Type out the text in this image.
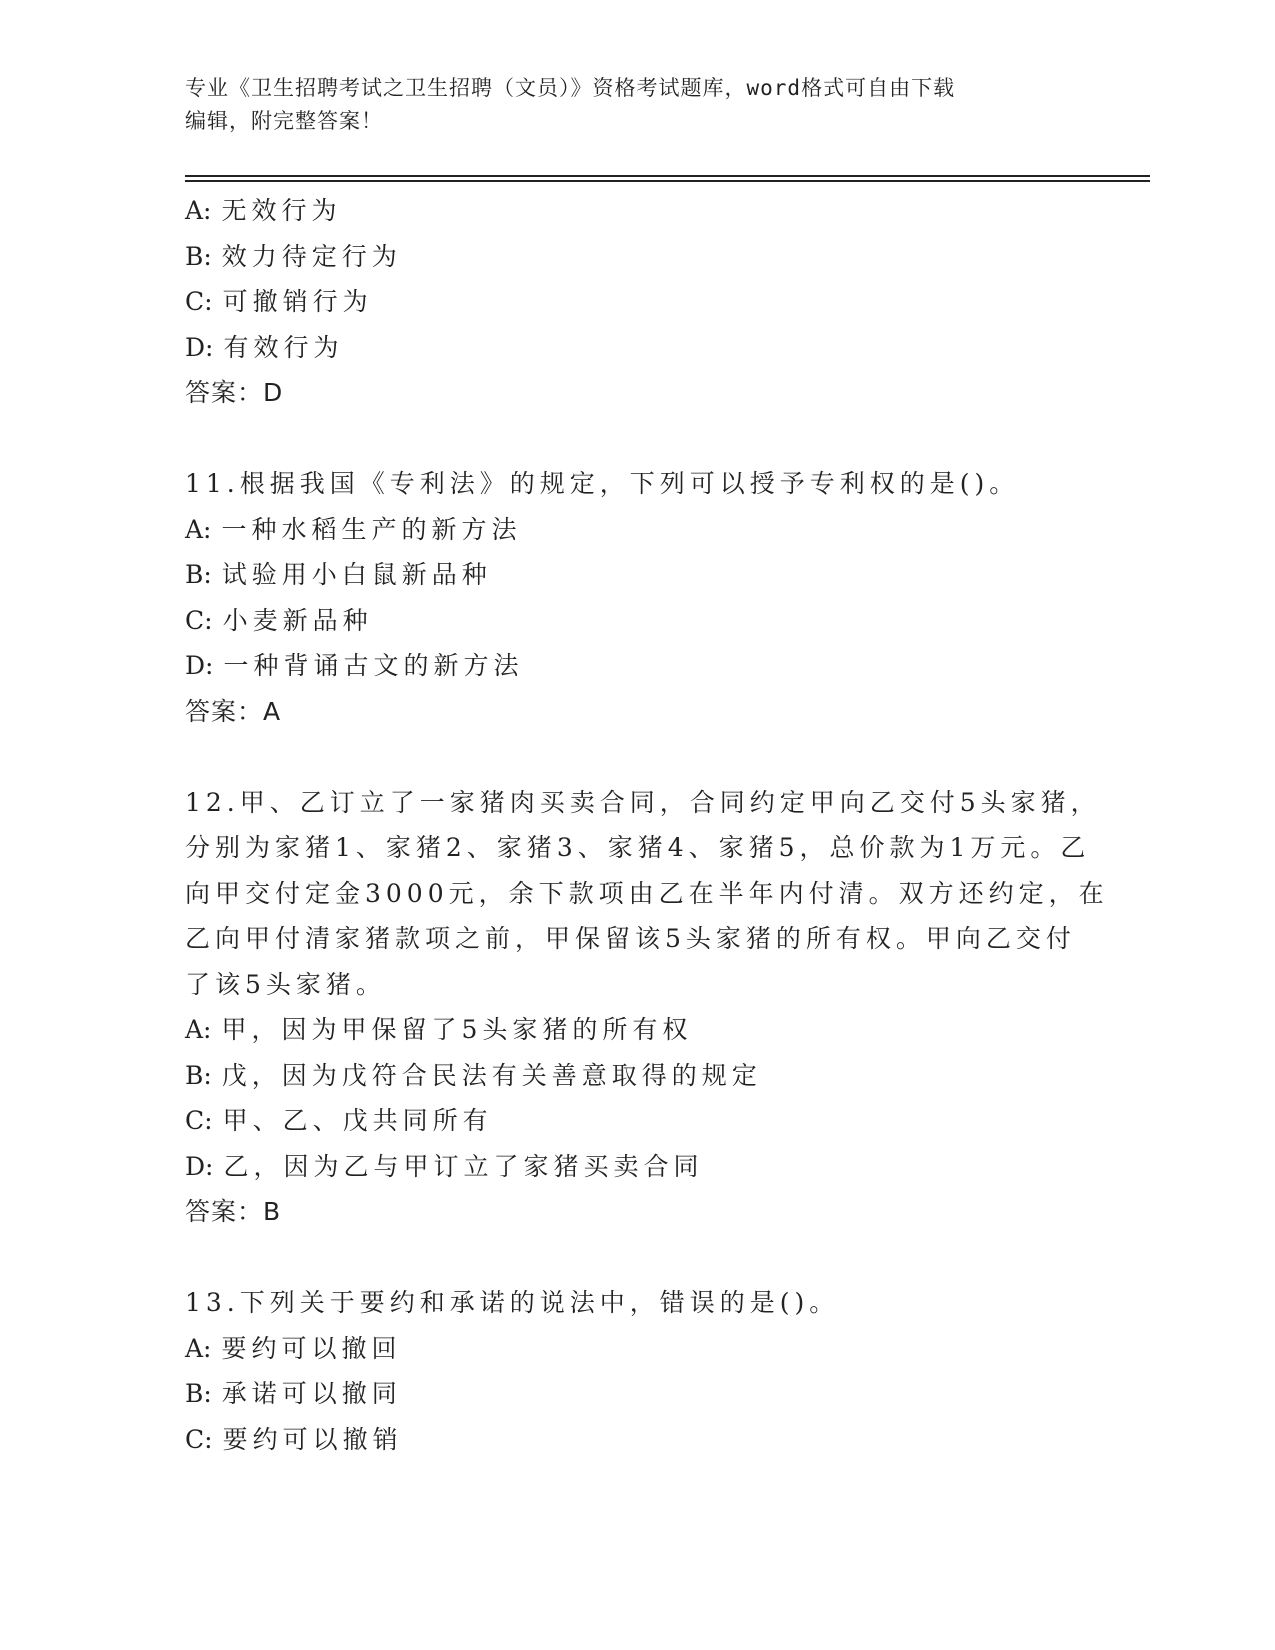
专业《卫生招聘考试之卫生招聘（文员）》资格考试题库，word格式可自由下载
编辑，附完整答案！
A: 无效行为
B: 效力待定行为
C: 可撤销行为
D: 有效行为
答案：D
11.根据我国《专利法》的规定，下列可以授予专利权的是()。
A: 一种水稻生产的新方法
B: 试验用小白鼠新品种
C: 小麦新品种
D: 一种背诵古文的新方法
答案：A
12.甲、乙订立了一家猪肉买卖合同，合同约定甲向乙交付5头家猪，
分别为家猪1、家猪2、家猪3、家猪4、家猪5，总价款为1万元。乙
向甲交付定金3000元，余下款项由乙在半年内付清。双方还约定，在
乙向甲付清家猪款项之前，甲保留该5头家猪的所有权。甲向乙交付
了该5头家猪。
A: 甲，因为甲保留了5头家猪的所有权
B: 戊，因为戊符合民法有关善意取得的规定
C: 甲、乙、戊共同所有
D: 乙，因为乙与甲订立了家猪买卖合同
答案：B
13.下列关于要约和承诺的说法中，错误的是()。
A: 要约可以撤回
B: 承诺可以撤同
C: 要约可以撤销
